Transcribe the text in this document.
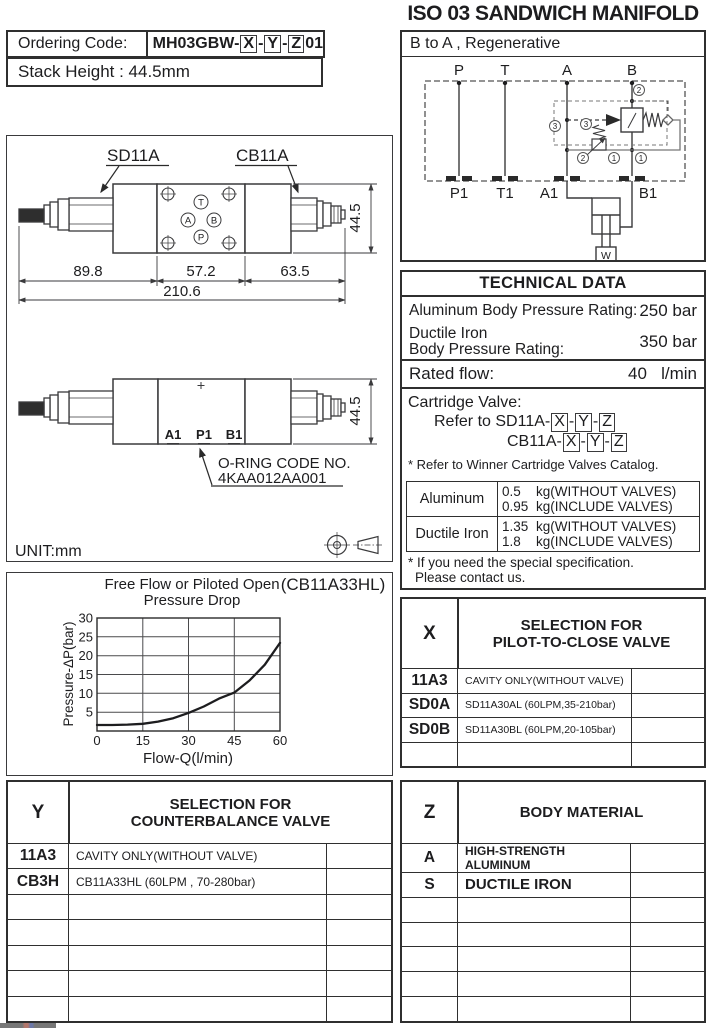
ISO 03 SANDWICH MANIFOLD
Ordering Code:	MH03GBW- X - Y - Z 01
Stack Height : 44.5mm
B to A , Regenerative
P T	A	B
P1 T1 A1	B1
2
3	3
2	1	1
W
SD11A	CB11A
T
A B
P
89.8	57.2	63.5
210.6
44.5
A1 P1 B1
O-RING CODE NO.
4KAA012AA001
44.5
UNIT:mm
TECHNICAL DATA
Aluminum Body Pressure Rating: 250 bar
Ductile Iron
Body Pressure Rating:	350 bar
Rated flow:	40 l/min
Cartridge Valve:
Refer to SD11A- X - Y - Z
CB11A- X - Y - Z
* Refer to Winner Cartridge Valves Catalog.
Aluminum	0.5 kg(WITHOUT VALVES)
0.95 kg(INCLUDE VALVES)
Ductile Iron 1.35 kg(WITHOUT VALVES)
1.8 kg(INCLUDE VALVES)
* If you need the special specification.
Please contact us.
Free Flow or Piloted Open
Pressure Drop
(CB11A33HL)
30
25
20
15
10
5
0	15 30 45 60
Flow-Q(l/min)
Pressure-ΔP(bar)	X	SELECTION FOR
PILOT-TO-CLOSE VALVE
11A3	CAVITY ONLY(WITHOUT VALVE)
SD0A	SD11A30AL (60LPM,35-210bar)
SD0B	SD11A30BL (60LPM,20-105bar)
Y	SELECTION FOR
COUNTERBALANCE VALVE
11A3	CAVITY ONLY(WITHOUT VALVE)
CB3H	CB11A33HL (60LPM , 70-280bar)
Z	BODY MATERIAL
A	HIGH-STRENGTH ALUMINUM
S	DUCTILE IRON
